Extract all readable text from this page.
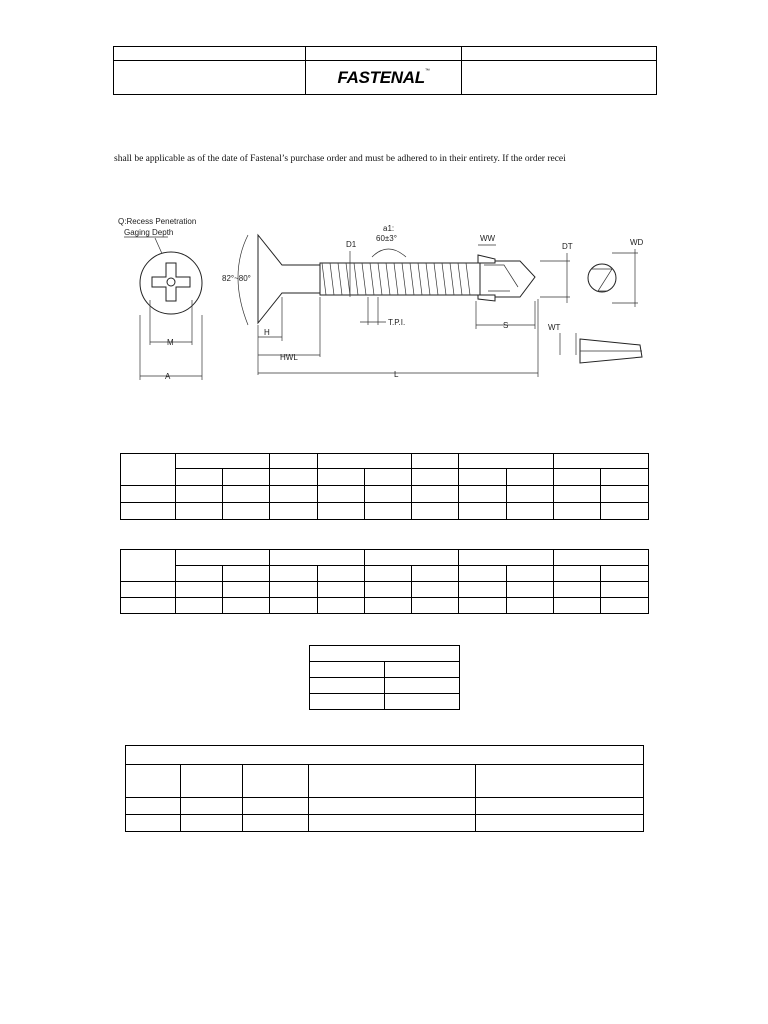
	FASTENAL™	
shall be applicable as of the date of Fastenal’s purchase order and must be adhered to in their entirety. If the order recei
Q:Recess Penetration
Gaging Depth
M
A
82°~80°
D1
a1:
60±3°
H
HWL
T.P.I.
WW
S
DT
L
WD
WT
